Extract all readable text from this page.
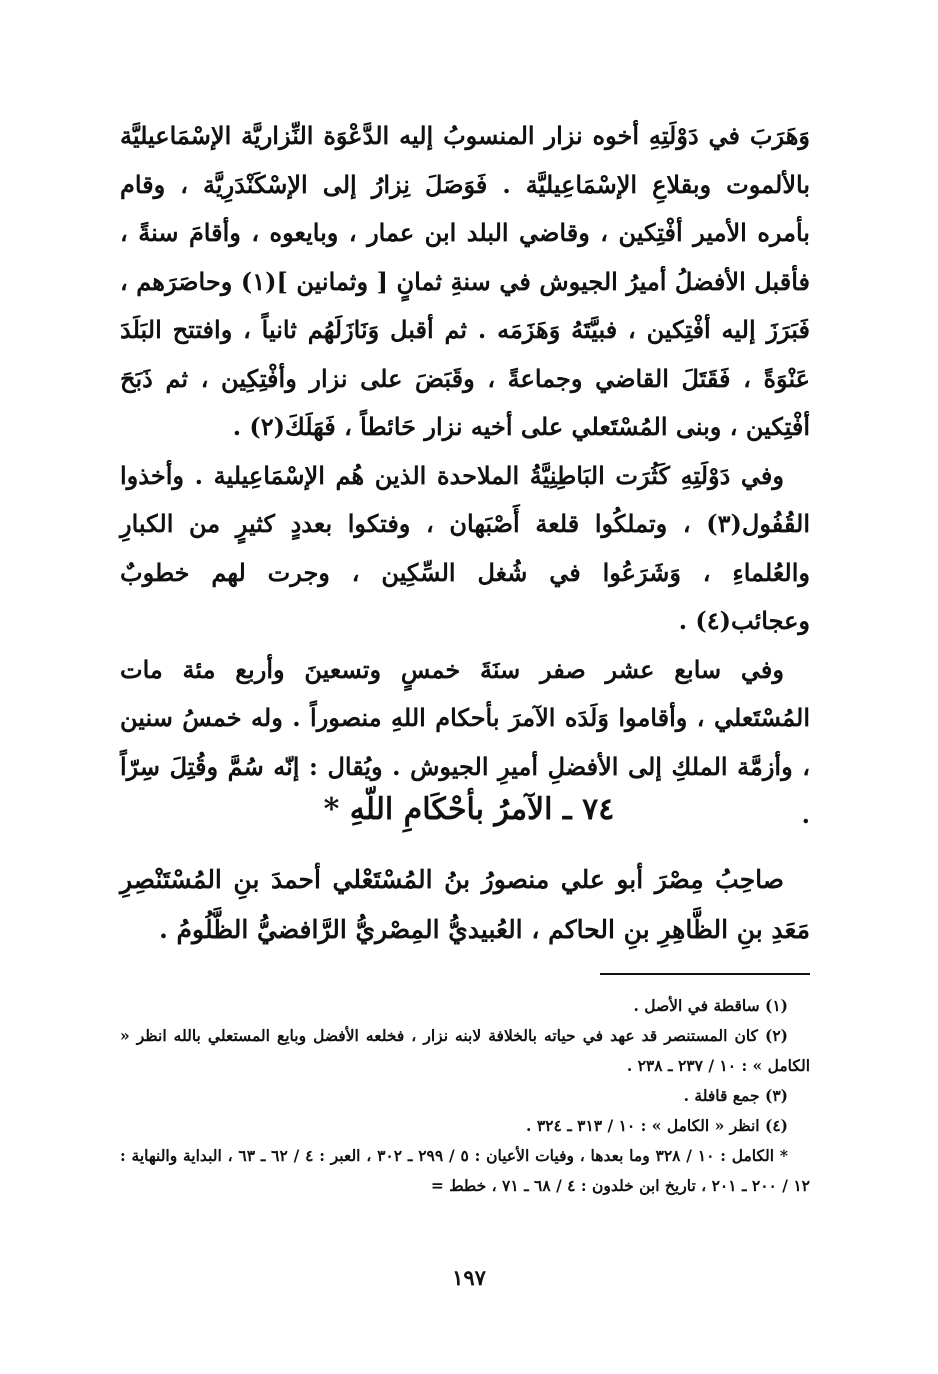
وَهَرَبَ في دَوْلَتِهِ أخوه نزار المنسوبُ إليه الدَّعْوَة النِّزاريَّة الإسْمَاعيليَّة بالألموت وبقلاعِ الإسْمَاعِيليَّة . فَوَصَلَ نِزارُ إلى الإسْكَنْدَرِيَّة ، وقام بأمره الأمير أفْتِكين ، وقاضي البلد ابن عمار ، وبايعوه ، وأقامَ سنةً ، فأقبل الأفضلُ أميرُ الجيوش في سنةِ ثمانٍ [ وثمانين ](١) وحاصَرَهم ، فَبَرَزَ إليه أفْتِكين ، فبيَّتَهُ وَهَزَمَه . ثم أقبل وَنَازَلَهُم ثانياً ، وافتتح البَلَدَ عَنْوَةً ، فَقَتَلَ القاضي وجماعةً ، وقَبَضَ على نزار وأفْتِكِين ، ثم ذَبَحَ أفْتِكين ، وبنى المُسْتَعلي على أخيه نزار حَائطاً ، فَهَلَكَ(٢) .

وفي دَوْلَتِهِ كَثُرَت البَاطِنِيَّةُ الملاحدة الذين هُم الإسْمَاعِيلية . وأخذوا القُفُول(٣) ، وتملكُوا قلعة أَصْبَهان ، وفتكوا بعددٍ كثيرٍ من الكبارِ والعُلماءِ ، وَشَرَعُوا في شُغل السِّكِين ، وجرت لهم خطوبٌ وعجائب(٤) .

وفي سابع عشر صفر سنَةَ خمسٍ وتسعينَ وأربع مئة مات المُسْتَعلي ، وأقاموا وَلَدَه الآمرَ بأحكام اللهِ منصوراً . وله خمسُ سنين ، وأزمَّة الملكِ إلى الأفضلِ أميرِ الجيوش . ويُقال : إنّه سُمَّ وقُتِلَ سِرّاً .

٧٤ ـ الآمرُ بأحْكَامِ اللّهِ *

صاحِبُ مِصْرَ أبو علي منصورُ بنُ المُسْتَعْلي أحمدَ بنِ المُسْتَنْصِرِ مَعَدِ بنِ الظَّاهِرِ بنِ الحاكم ، العُبيديُّ المِصْريُّ الرَّافضيُّ الظَّلُومُ .

(١) ساقطة في الأصل .

(٢) كان المستنصر قد عهد في حياته بالخلافة لابنه نزار ، فخلعه الأفضل وبايع المستعلي بالله انظر « الكامل » : ١٠ / ٢٣٧ ـ ٢٣٨ .

(٣) جمع قافلة .

(٤) انظر « الكامل » : ١٠ / ٣١٣ ـ ٣٢٤ .

* الكامل : ١٠ / ٣٢٨ وما بعدها ، وفيات الأعيان : ٥ / ٢٩٩ ـ ٣٠٢ ، العبر : ٤ / ٦٢ ـ ٦٣ ، البداية والنهاية : ١٢ / ٢٠٠ ـ ٢٠١ ، تاريخ ابن خلدون : ٤ / ٦٨ ـ ٧١ ، خطط =

١٩٧
